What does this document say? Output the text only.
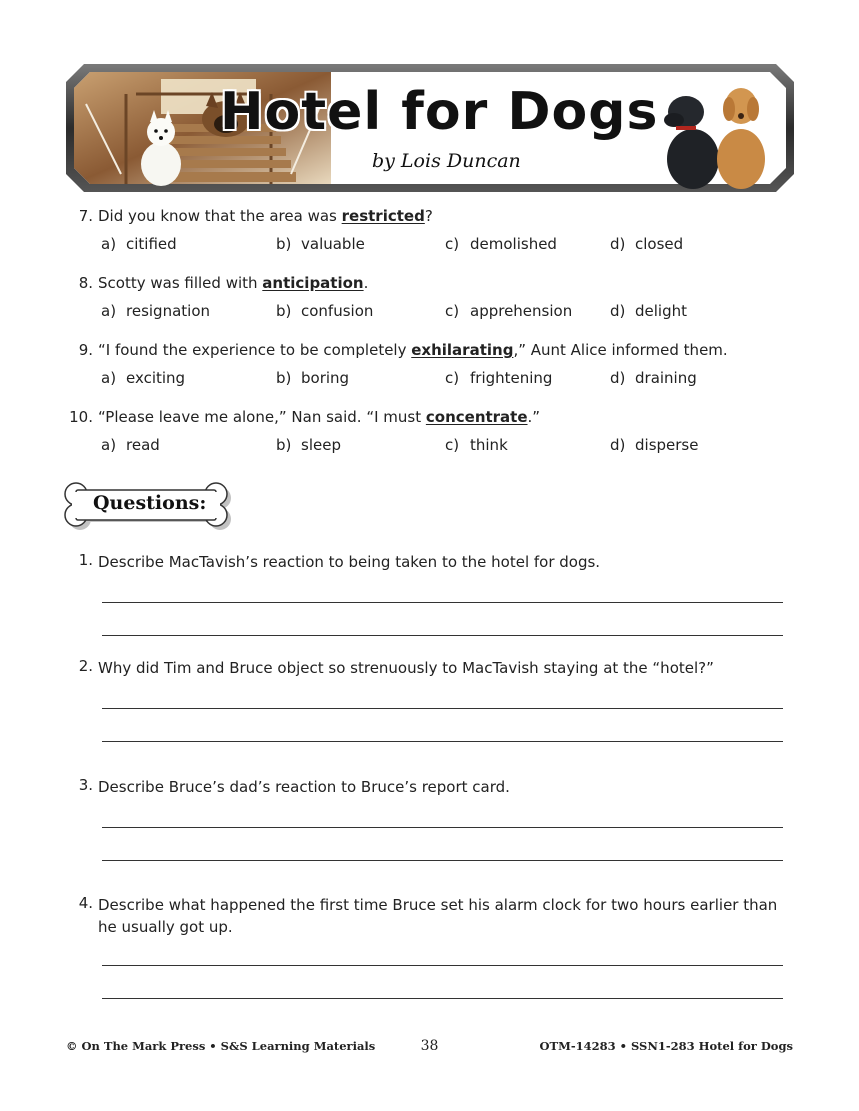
Hotel for Dogs
by Lois Duncan
7. Did you know that the area was restricted?
a) citified	b) valuable	c) demolished	d) closed
8. Scotty was filled with anticipation.
a) resignation	b) confusion	c) apprehension	d) delight
9. “I found the experience to be completely exhilarating,” Aunt Alice informed them.
a) exciting	b) boring	c) frightening	d) draining
10. “Please leave me alone,” Nan said. “I must concentrate.”
a) read	b) sleep	c) think	d) disperse
Questions:
1. Describe MacTavish’s reaction to being taken to the hotel for dogs.
2. Why did Tim and Bruce object so strenuously to MacTavish staying at the “hotel?”
3. Describe Bruce’s dad’s reaction to Bruce’s report card.
4. Describe what happened the first time Bruce set his alarm clock for two hours earlier than he usually got up.
© On The Mark Press • S&S Learning Materials	38	OTM-14283 • SSN1-283 Hotel for Dogs
